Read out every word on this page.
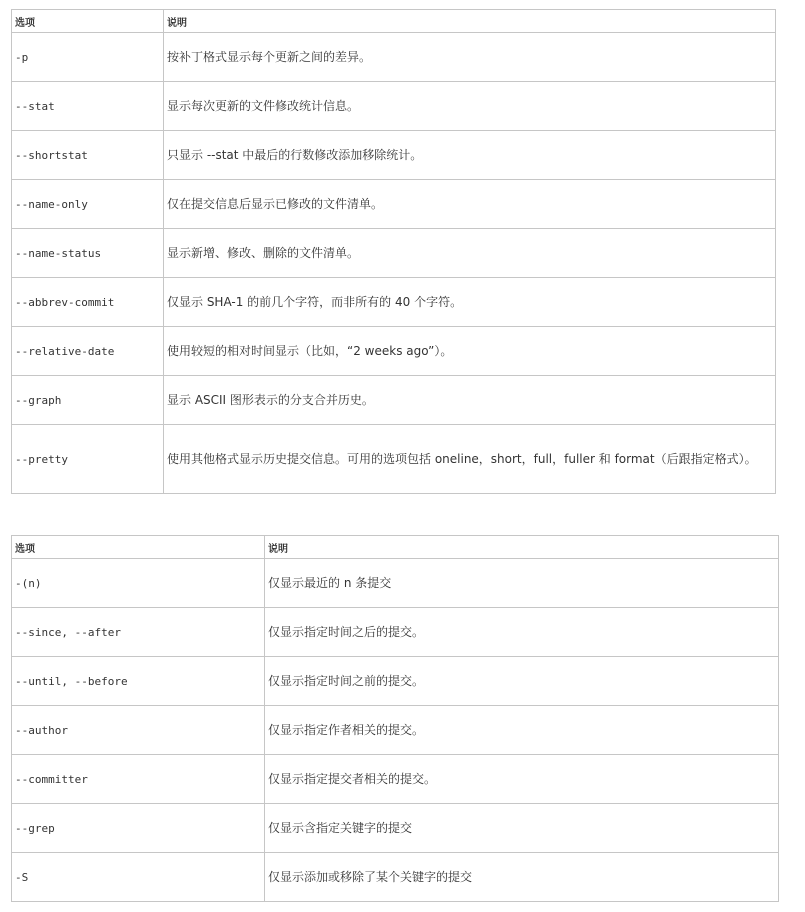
选项	说明
-p	按补丁格式显示每个更新之间的差异。
--stat	显示每次更新的文件修改统计信息。
--shortstat	只显示 --stat 中最后的行数修改添加移除统计。
--name-only	仅在提交信息后显示已修改的文件清单。
--name-status	显示新增、修改、删除的文件清单。
--abbrev-commit	仅显示 SHA-1 的前几个字符，而非所有的 40 个字符。
--relative-date	使用较短的相对时间显示（比如，“2 weeks ago”）。
--graph	显示 ASCII 图形表示的分支合并历史。
--pretty	使用其他格式显示历史提交信息。可用的选项包括 oneline，short，full，fuller 和 format（后跟指定格式）。
选项	说明
-(n)	仅显示最近的 n 条提交
--since, --after	仅显示指定时间之后的提交。
--until, --before	仅显示指定时间之前的提交。
--author	仅显示指定作者相关的提交。
--committer	仅显示指定提交者相关的提交。
--grep	仅显示含指定关键字的提交
-S	仅显示添加或移除了某个关键字的提交
